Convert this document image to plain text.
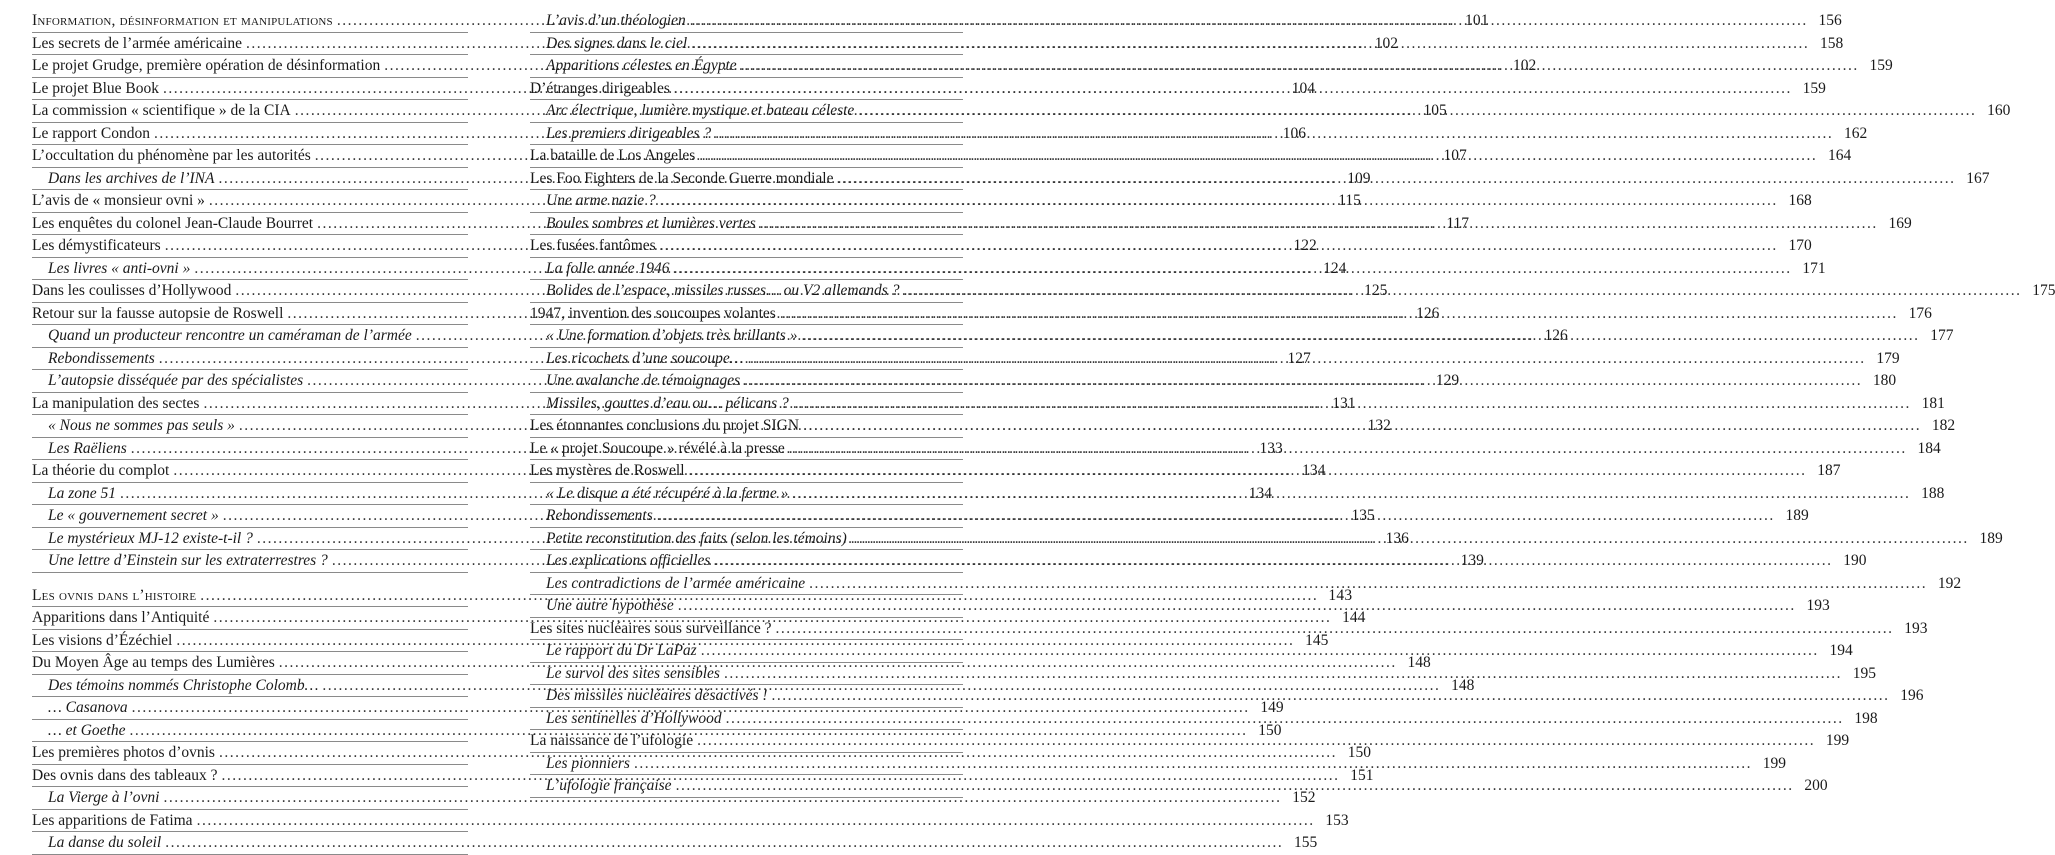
Information, désinformation et manipulations .....	101
Les secrets de l’armée américaine .....	102
Le projet Grudge, première opération de désinformation .....	102
Le projet Blue Book .....	104
La commission « scientifique » de la CIA .....	105
Le rapport Condon .....	106
L’occultation du phénomène par les autorités .....	107
Dans les archives de l’INA .....	109
L’avis de « monsieur ovni » .....	115
Les enquêtes du colonel Jean-Claude Bourret .....	117
Les démystificateurs .....	122
Les livres « anti-ovni » .....	124
Dans les coulisses d’Hollywood .....	125
Retour sur la fausse autopsie de Roswell .....	126
Quand un producteur rencontre un caméraman de l’armée .....	126
Rebondissements .....	127
L’autopsie disséquée par des spécialistes .....	129
La manipulation des sectes .....	131
« Nous ne sommes pas seuls » .....	132
Les Raëliens .....	133
La théorie du complot .....	134
La zone 51 .....	134
Le « gouvernement secret » .....	135
Le mystérieux MJ-12 existe-t-il ? .....	136
Une lettre d’Einstein sur les extraterrestres ? .....	139
Les ovnis dans l’histoire .....	143
Apparitions dans l’Antiquité .....	144
Les visions d’Ézéchiel .....	145
Du Moyen Âge au temps des Lumières .....	148
Des témoins nommés Christophe Colomb… .....	148
… Casanova .....	149
… et Goethe .....	150
Les premières photos d’ovnis .....	150
Des ovnis dans des tableaux ? .....	151
La Vierge à l’ovni .....	152
Les apparitions de Fatima .....	153
La danse du soleil .....	155
L’avis d’un théologien .....	156
Des signes dans le ciel .....	158
Apparitions célestes en Égypte .....	159
D’étranges dirigeables .....	159
Arc électrique, lumière mystique et bateau céleste .....	160
Les premiers dirigeables ? .....	162
La bataille de Los Angeles .....	164
Les Foo Fighters de la Seconde Guerre mondiale .....	167
Une arme nazie ? .....	168
Boules sombres et lumières vertes .....	169
Les fusées fantômes .....	170
La folle année 1946 .....	171
Bolides de l’espace, missiles russes… ou V2 allemands ? .....	175
1947, invention des soucoupes volantes .....	176
« Une formation d’objets très brillants » .....	177
Les ricochets d’une soucoupe… .....	179
Une avalanche de témoignages .....	180
Missiles, gouttes d’eau ou… pélicans ? .....	181
Les étonnantes conclusions du projet SIGN .....	182
Le « projet Soucoupe » révélé à la presse .....	184
Les mystères de Roswell .....	187
« Le disque a été récupéré à la ferme » .....	188
Rebondissements .....	189
Petite reconstitution des faits (selon les témoins) .....	189
Les explications officielles .....	190
Les contradictions de l’armée américaine .....	192
Une autre hypothèse .....	193
Les sites nucléaires sous surveillance ? .....	193
Le rapport du Dr LaPaz .....	194
Le survol des sites sensibles .....	195
Des missiles nucléaires désactivés ! .....	196
Les sentinelles d’Hollywood .....	198
La naissance de l’ufologie .....	199
Les pionniers .....	199
L’ufologie française .....	200
